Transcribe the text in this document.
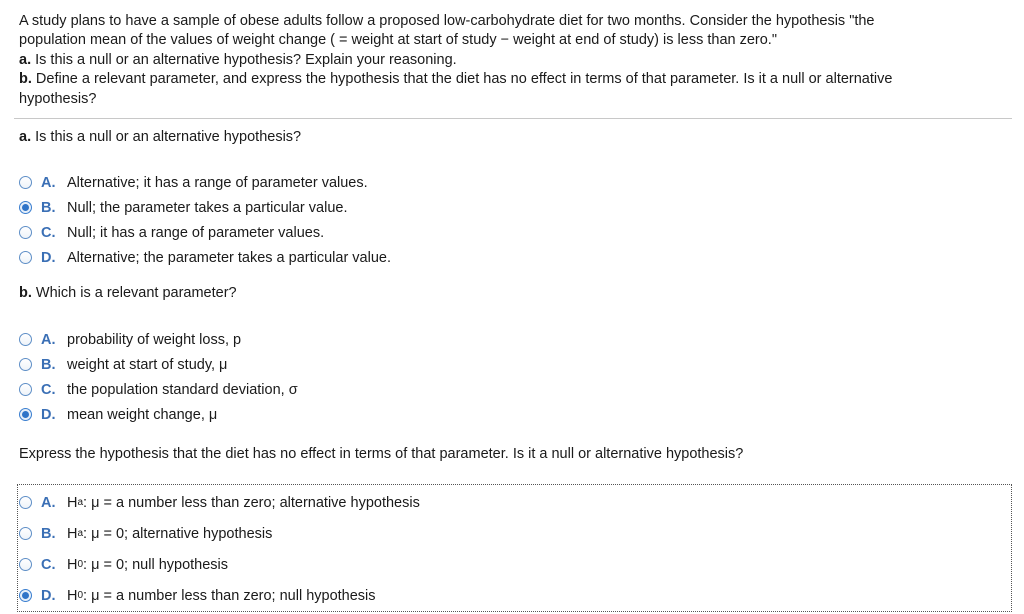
A study plans to have a sample of obese adults follow a proposed low-carbohydrate diet for two months. Consider the hypothesis "the

population mean of the values of weight change ( = weight at start of study − weight at end of study) is less than zero."

a. Is this a null or an alternative hypothesis? Explain your reasoning.

b. Define a relevant parameter, and express the hypothesis that the diet has no effect in terms of that parameter. Is it a null or alternative

hypothesis?

a. Is this a null or an alternative hypothesis?

A. Alternative; it has a range of parameter values.
B. Null; the parameter takes a particular value.
C. Null; it has a range of parameter values.
D. Alternative; the parameter takes a particular value.

b. Which is a relevant parameter?

A. probability of weight loss, p
B. weight at start of study, μ
C. the population standard deviation, σ
D. mean weight change, μ

Express the hypothesis that the diet has no effect in terms of that parameter. Is it a null or alternative hypothesis?

A. H a : μ = a number less than zero; alternative hypothesis
B. H a : μ = 0; alternative hypothesis
C. H 0 : μ = 0; null hypothesis
D. H 0 : μ = a number less than zero; null hypothesis
